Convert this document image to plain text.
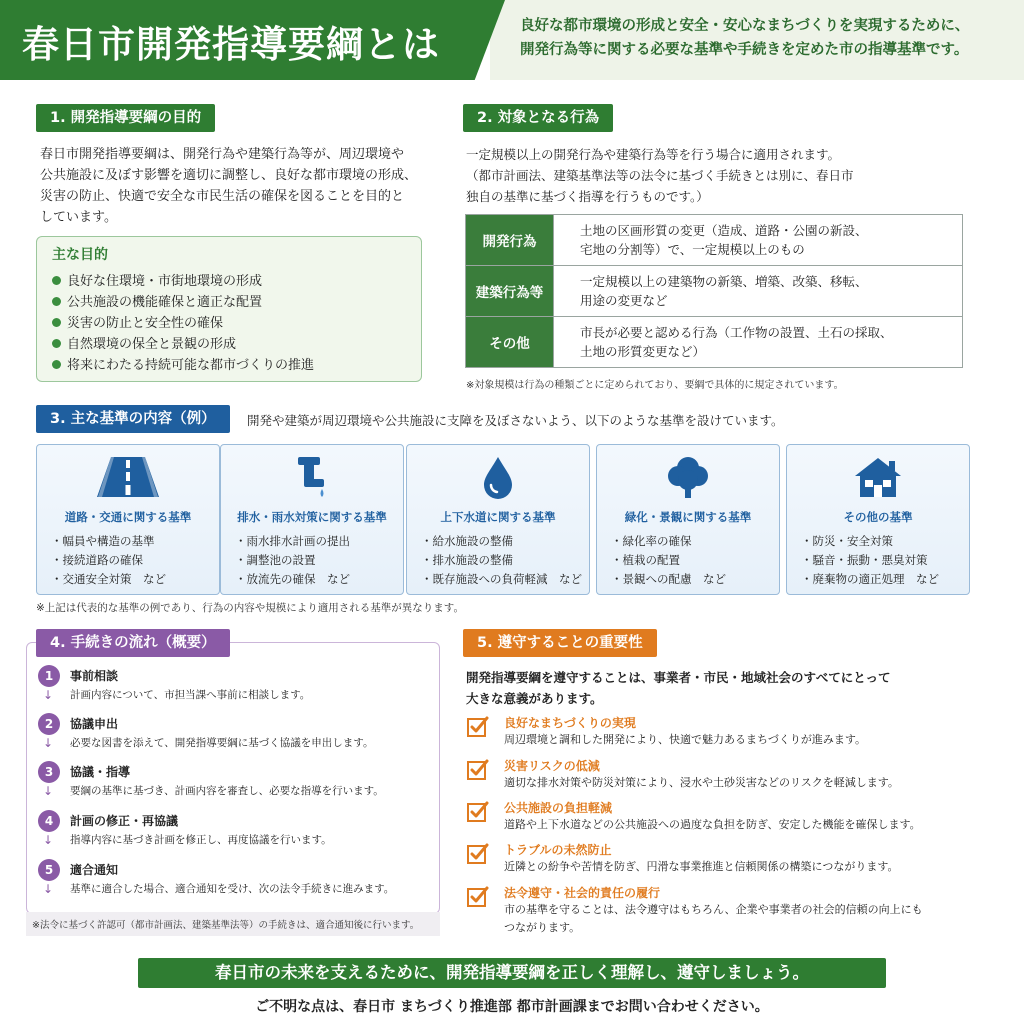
春日市開発指導要綱とは	良好な都市環境の形成と安全・安心なまちづくりを実現するために、
開発行為等に関する必要な基準や手続きを定めた市の指導基準です。
1. 開発指導要綱の目的
春日市開発指導要綱は、開発行為や建築行為等が、周辺環境や
公共施設に及ぼす影響を適切に調整し、良好な都市環境の形成、
災害の防止、快適で安全な市民生活の確保を図ることを目的と
しています。
主な目的
良好な住環境・市街地環境の形成
公共施設の機能確保と適正な配置
災害の防止と安全性の確保
自然環境の保全と景観の形成
将来にわたる持続可能な都市づくりの推進
2. 対象となる行為
一定規模以上の開発行為や建築行為等を行う場合に適用されます。
（都市計画法、建築基準法等の法令に基づく手続きとは別に、春日市
独自の基準に基づく指導を行うものです。）
開発行為	土地の区画形質の変更（造成、道路・公園の新設、
宅地の分割等）で、一定規模以上のもの

建築行為等	一定規模以上の建築物の新築、増築、改築、移転、
用途の変更など

その他	市長が必要と認める行為（工作物の設置、土石の採取、
土地の形質変更など）
※対象規模は行為の種類ごとに定められており、要綱で具体的に規定されています。
3. 主な基準の内容（例）	開発や建築が周辺環境や公共施設に支障を及ぼさないよう、以下のような基準を設けています。
道路・交通に関する基準
・幅員や構造の基準
・接続道路の確保
・交通安全対策　など
排水・雨水対策に関する基準
・雨水排水計画の提出
・調整池の設置
・放流先の確保　など
上下水道に関する基準
・給水施設の整備
・排水施設の整備
・既存施設への負荷軽減　など
緑化・景観に関する基準
・緑化率の確保
・植栽の配置
・景観への配慮　など
その他の基準
・防災・安全対策
・騒音・振動・悪臭対策
・廃棄物の適正処理　など
※上記は代表的な基準の例であり、行為の内容や規模により適用される基準が異なります。
4. 手続きの流れ（概要）
1	事前相談
計画内容について、市担当課へ事前に相談します。
↓
2	協議申出
必要な図書を添えて、開発指導要綱に基づく協議を申出します。
↓
3	協議・指導
要綱の基準に基づき、計画内容を審査し、必要な指導を行います。
↓
4	計画の修正・再協議
指導内容に基づき計画を修正し、再度協議を行います。
↓
5	適合通知
基準に適合した場合、適合通知を受け、次の法令手続きに進みます。
↓
※法令に基づく許認可（都市計画法、建築基準法等）の手続きは、適合通知後に行います。
5. 遵守することの重要性
開発指導要綱を遵守することは、事業者・市民・地域社会のすべてにとって
大きな意義があります。
良好なまちづくりの実現
周辺環境と調和した開発により、快適で魅力あるまちづくりが進みます。
災害リスクの低減
適切な排水対策や防災対策により、浸水や土砂災害などのリスクを軽減します。
公共施設の負担軽減
道路や上下水道などの公共施設への過度な負担を防ぎ、安定した機能を確保します。
トラブルの未然防止
近隣との紛争や苦情を防ぎ、円滑な事業推進と信頼関係の構築につながります。
法令遵守・社会的責任の履行
市の基準を守ることは、法令遵守はもちろん、企業や事業者の社会的信頼の向上にも
つながります。
春日市の未来を支えるために、開発指導要綱を正しく理解し、遵守しましょう。
ご不明な点は、春日市 まちづくり推進部 都市計画課までお問い合わせください。
